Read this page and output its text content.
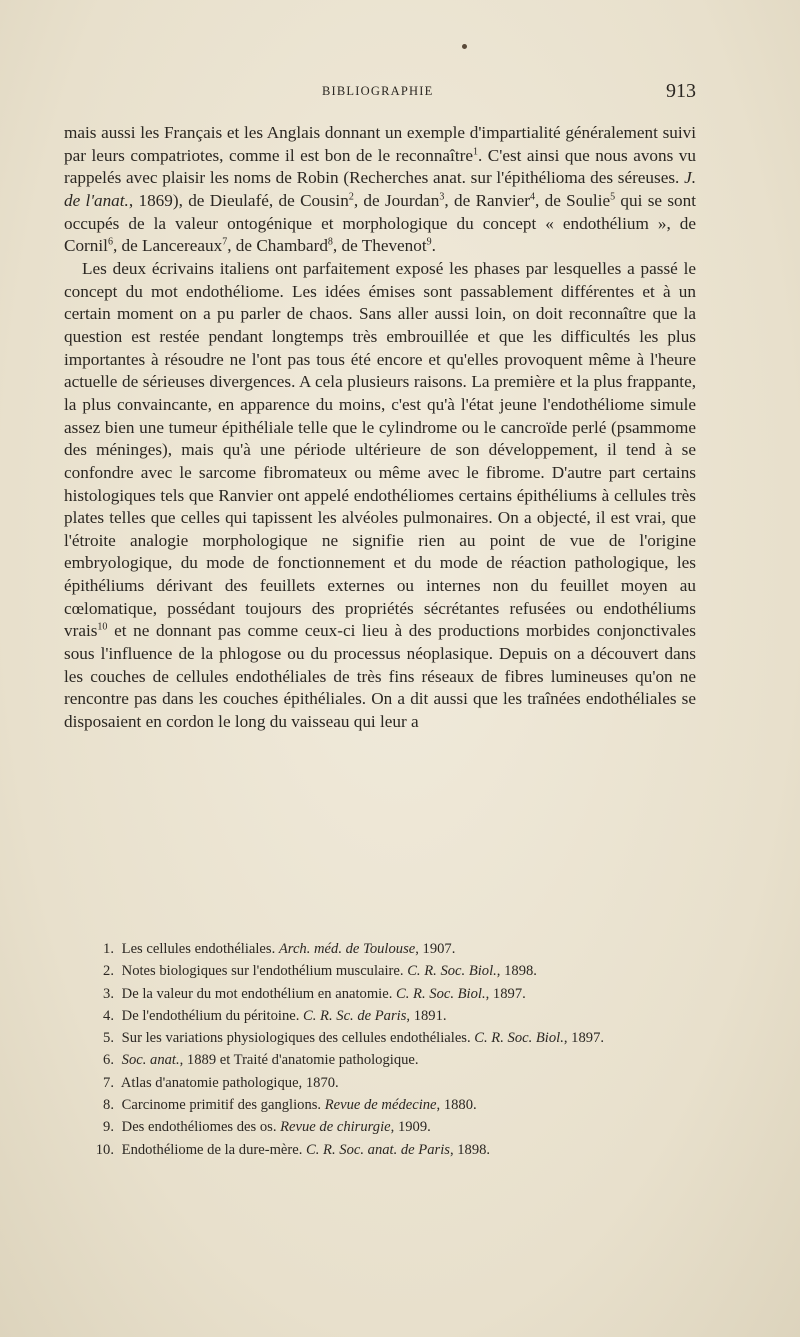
BIBLIOGRAPHIE	913

mais aussi les Français et les Anglais donnant un exemple d'impartialité généralement suivi par leurs compatriotes, comme il est bon de le reconnaître$^1$. C'est ainsi que nous avons vu rappelés avec plaisir les noms de Robin (Recherches anat. sur l'épithélioma des séreuses. J. de l'anat., 1869), de Dieulafé, de Cousin$^2$, de Jourdan$^3$, de Ranvier$^4$, de Soulie$^5$ qui se sont occupés de la valeur ontogénique et morphologique du concept « endothélium », de Cornil$^6$, de Lancereaux$^7$, de Chambard$^8$, de Thevenot$^9$.

Les deux écrivains italiens ont parfaitement exposé les phases par lesquelles a passé le concept du mot endothéliome. Les idées émises sont passablement différentes et à un certain moment on a pu parler de chaos. Sans aller aussi loin, on doit reconnaître que la question est restée pendant longtemps très embrouillée et que les difficultés les plus importantes à résoudre ne l'ont pas tous été encore et qu'elles provoquent même à l'heure actuelle de sérieuses divergences. A cela plusieurs raisons. La première et la plus frappante, la plus convaincante, en apparence du moins, c'est qu'à l'état jeune l'endothéliome simule assez bien une tumeur épithéliale telle que le cylindrome ou le cancroïde perlé (psammome des méninges), mais qu'à une période ultérieure de son développement, il tend à se confondre avec le sarcome fibromateux ou même avec le fibrome. D'autre part certains histologiques tels que Ranvier ont appelé endothéliomes certains épithéliums à cellules très plates telles que celles qui tapissent les alvéoles pulmonaires. On a objecté, il est vrai, que l'étroite analogie morphologique ne signifie rien au point de vue de l'origine embryologique, du mode de fonctionnement et du mode de réaction pathologique, les épithéliums dérivant des feuillets externes ou internes non du feuillet moyen au cœlomatique, possédant toujours des propriétés sécrétantes refusées ou endothéliums vrais$^{10}$ et ne donnant pas comme ceux-ci lieu à des productions morbides conjonctivales sous l'influence de la phlogose ou du processus néoplasique. Depuis on a découvert dans les couches de cellules endothéliales de très fins réseaux de fibres lumineuses qu'on ne rencontre pas dans les couches épithéliales. On a dit aussi que les traînées endothéliales se disposaient en cordon le long du vaisseau qui leur a

1. Les cellules endothéliales. Arch. méd. de Toulouse, 1907.

2. Notes biologiques sur l'endothélium musculaire. C. R. Soc. Biol., 1898.

3. De la valeur du mot endothélium en anatomie. C. R. Soc. Biol., 1897.

4. De l'endothélium du péritoine. C. R. Sc. de Paris, 1891.

5. Sur les variations physiologiques des cellules endothéliales. C. R. Soc. Biol., 1897.

6. Soc. anat., 1889 et Traité d'anatomie pathologique.

7. Atlas d'anatomie pathologique, 1870.

8. Carcinome primitif des ganglions. Revue de médecine, 1880.

9. Des endothéliomes des os. Revue de chirurgie, 1909.

10. Endothéliome de la dure-mère. C. R. Soc. anat. de Paris, 1898.
